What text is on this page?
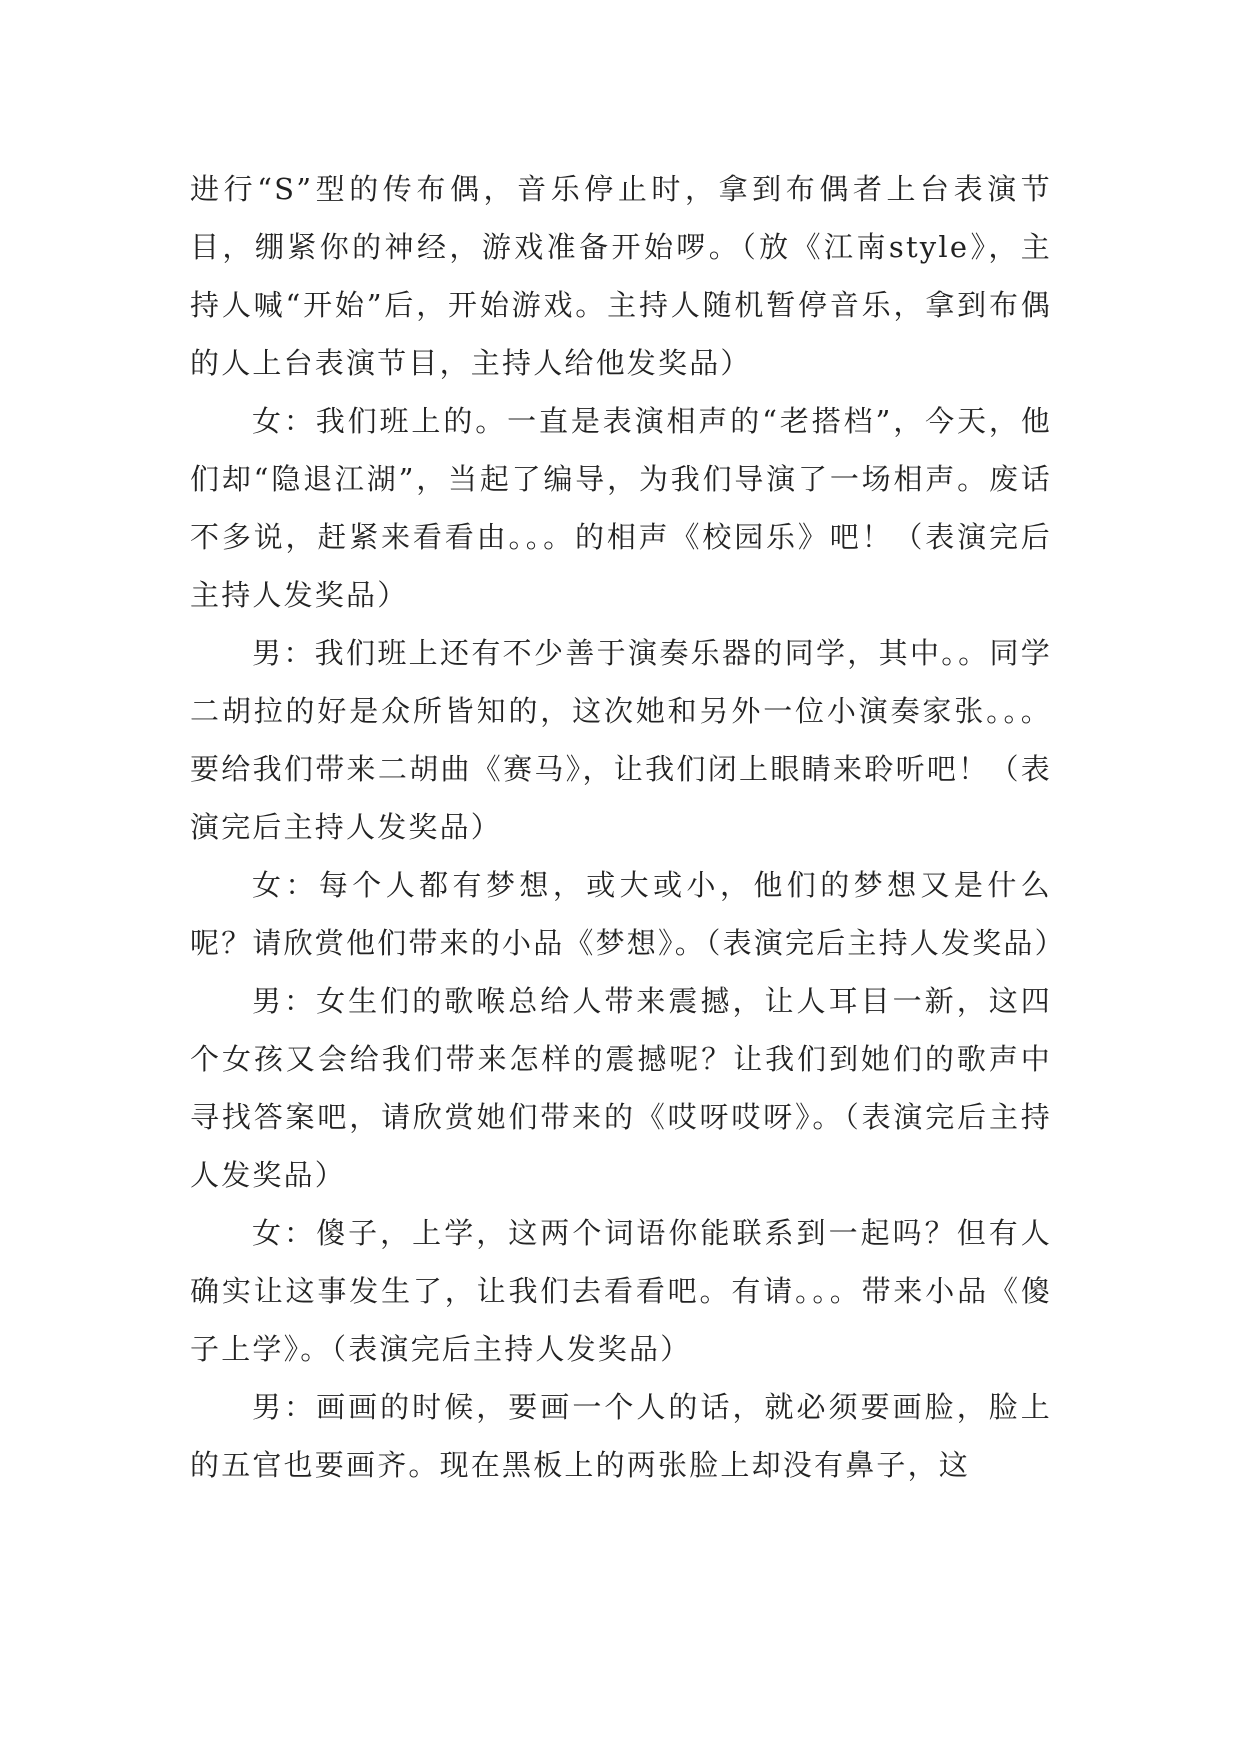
进行“S”型的传布偶，音乐停止时，拿到布偶者上台表演节目，绷紧你的神经，游戏准备开始啰。（放《江南style》，主持人喊“开始”后，开始游戏。主持人随机暂停音乐，拿到布偶的人上台表演节目，主持人给他发奖品）

女：我们班上的。一直是表演相声的“老搭档”，今天，他们却“隐退江湖”，当起了编导，为我们导演了一场相声。废话不多说，赶紧来看看由。。。的相声《校园乐》吧！（表演完后主持人发奖品）

男：我们班上还有不少善于演奏乐器的同学，其中。。同学二胡拉的好是众所皆知的，这次她和另外一位小演奏家张。。。要给我们带来二胡曲《赛马》，让我们闭上眼睛来聆听吧！（表演完后主持人发奖品）

女：每个人都有梦想，或大或小，他们的梦想又是什么呢？请欣赏他们带来的小品《梦想》。（表演完后主持人发奖品）

男：女生们的歌喉总给人带来震撼，让人耳目一新，这四个女孩又会给我们带来怎样的震撼呢？让我们到她们的歌声中寻找答案吧，请欣赏她们带来的《哎呀哎呀》。（表演完后主持人发奖品）

女：傻子，上学，这两个词语你能联系到一起吗？但有人确实让这事发生了，让我们去看看吧。有请。。。带来小品《傻子上学》。（表演完后主持人发奖品）

男：画画的时候，要画一个人的话，就必须要画脸，脸上的五官也要画齐。现在黑板上的两张脸上却没有鼻子，这
